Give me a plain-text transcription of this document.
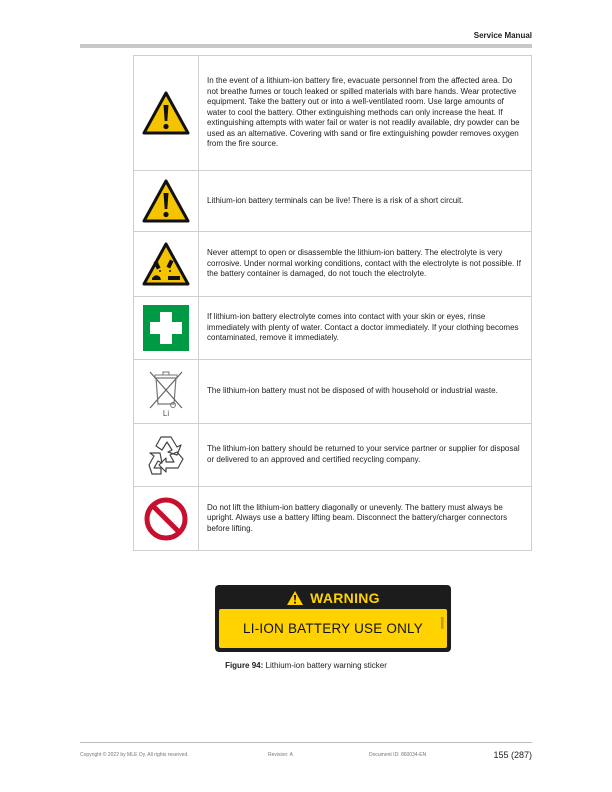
Service Manual
In the event of a lithium-ion battery fire, evacuate personnel from the affected area. Do not breathe fumes or touch leaked or spilled materials with bare hands. Wear protective equipment. Take the battery out or into a well-ventilated room. Use large amounts of water to cool the battery. Other extinguishing methods can only increase the heat. If extinguishing attempts with water fail or water is not readily available, dry powder can be used as an alternative. Covering with sand or fire extinguishing powder removes oxygen from the fire source.
Lithium-ion battery terminals can be live! There is a risk of a short circuit.
Never attempt to open or disassemble the lithium-ion battery. The electrolyte is very corrosive. Under normal working conditions, contact with the electrolyte is not possible. If the battery container is damaged, do not touch the electrolyte.
If lithium-ion battery electrolyte comes into contact with your skin or eyes, rinse immediately with plenty of water. Contact a doctor immediately. If your clothing becomes contaminated, remove it immediately.
Li
The lithium-ion battery must not be disposed of with household or industrial waste.
The lithium-ion battery should be returned to your service partner or supplier for disposal or delivered to an approved and certified recycling company.
Do not lift the lithium-ion battery diagonally or unevenly. The battery must always be upright. Always use a battery lifting beam. Disconnect the battery/charger connectors before lifting.
WARNING
LI-ION BATTERY USE ONLY	800000
Figure 94: Lithium-ion battery warning sticker
Copyright © 2022 by MLE Oy. All rights reserved.	Revision: A	Document ID: 860034-EN	155 (287)
